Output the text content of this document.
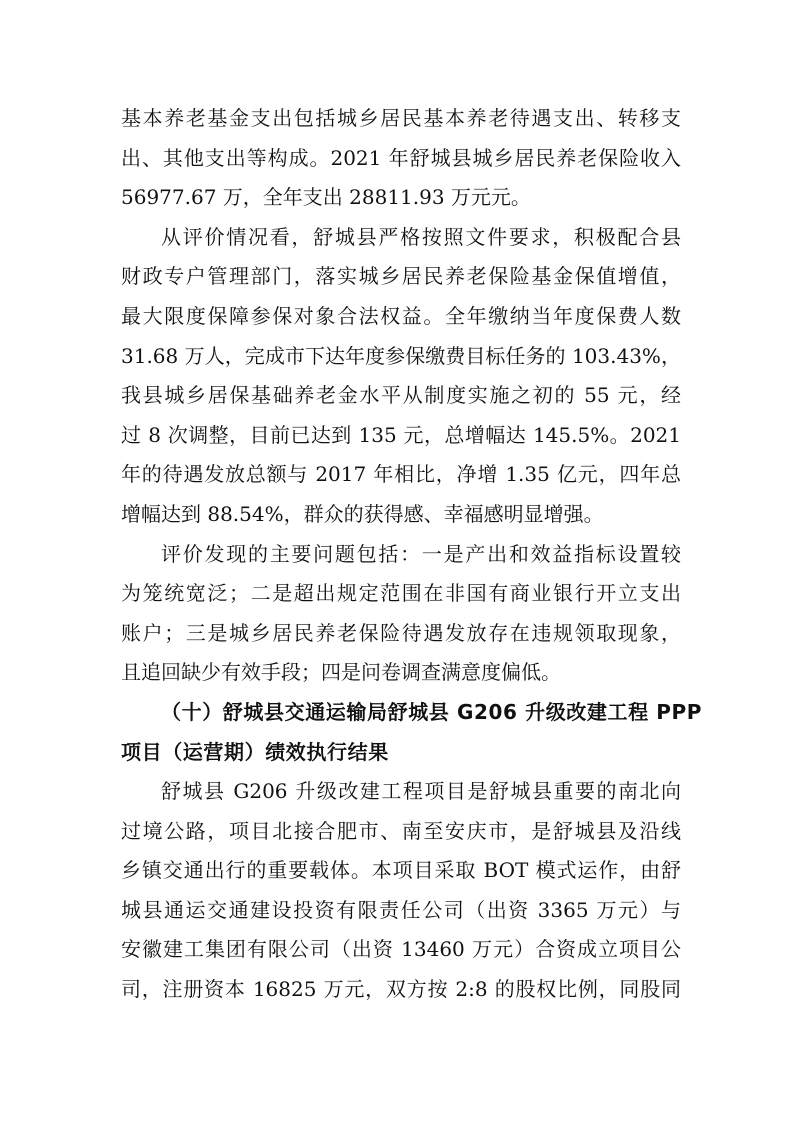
基本养老基金支出包括城乡居民基本养老待遇支出、转移支
出、其他支出等构成。2021 年舒城县城乡居民养老保险收入
56977.67 万，全年支出 28811.93 万元元。
从评价情况看，舒城县严格按照文件要求，积极配合县
财政专户管理部门，落实城乡居民养老保险基金保值增值，
最大限度保障参保对象合法权益。全年缴纳当年度保费人数
31.68 万人，完成市下达年度参保缴费目标任务的 103.43%，
我县城乡居保基础养老金水平从制度实施之初的 55 元，经
过 8 次调整，目前已达到 135 元，总增幅达 145.5%。2021
年的待遇发放总额与 2017 年相比，净增 1.35 亿元，四年总
增幅达到 88.54%，群众的获得感、幸福感明显增强。
评价发现的主要问题包括：一是产出和效益指标设置较
为笼统宽泛；二是超出规定范围在非国有商业银行开立支出
账户；三是城乡居民养老保险待遇发放存在违规领取现象，
且追回缺少有效手段；四是问卷调查满意度偏低。
（十）舒城县交通运输局舒城县 G206 升级改建工程 PPP
项目（运营期）绩效执行结果
舒城县 G206 升级改建工程项目是舒城县重要的南北向
过境公路，项目北接合肥市、南至安庆市，是舒城县及沿线
乡镇交通出行的重要载体。本项目采取 BOT 模式运作，由舒
城县通运交通建设投资有限责任公司（出资 3365 万元）与
安徽建工集团有限公司（出资 13460 万元）合资成立项目公
司，注册资本 16825 万元，双方按 2:8 的股权比例，同股同
